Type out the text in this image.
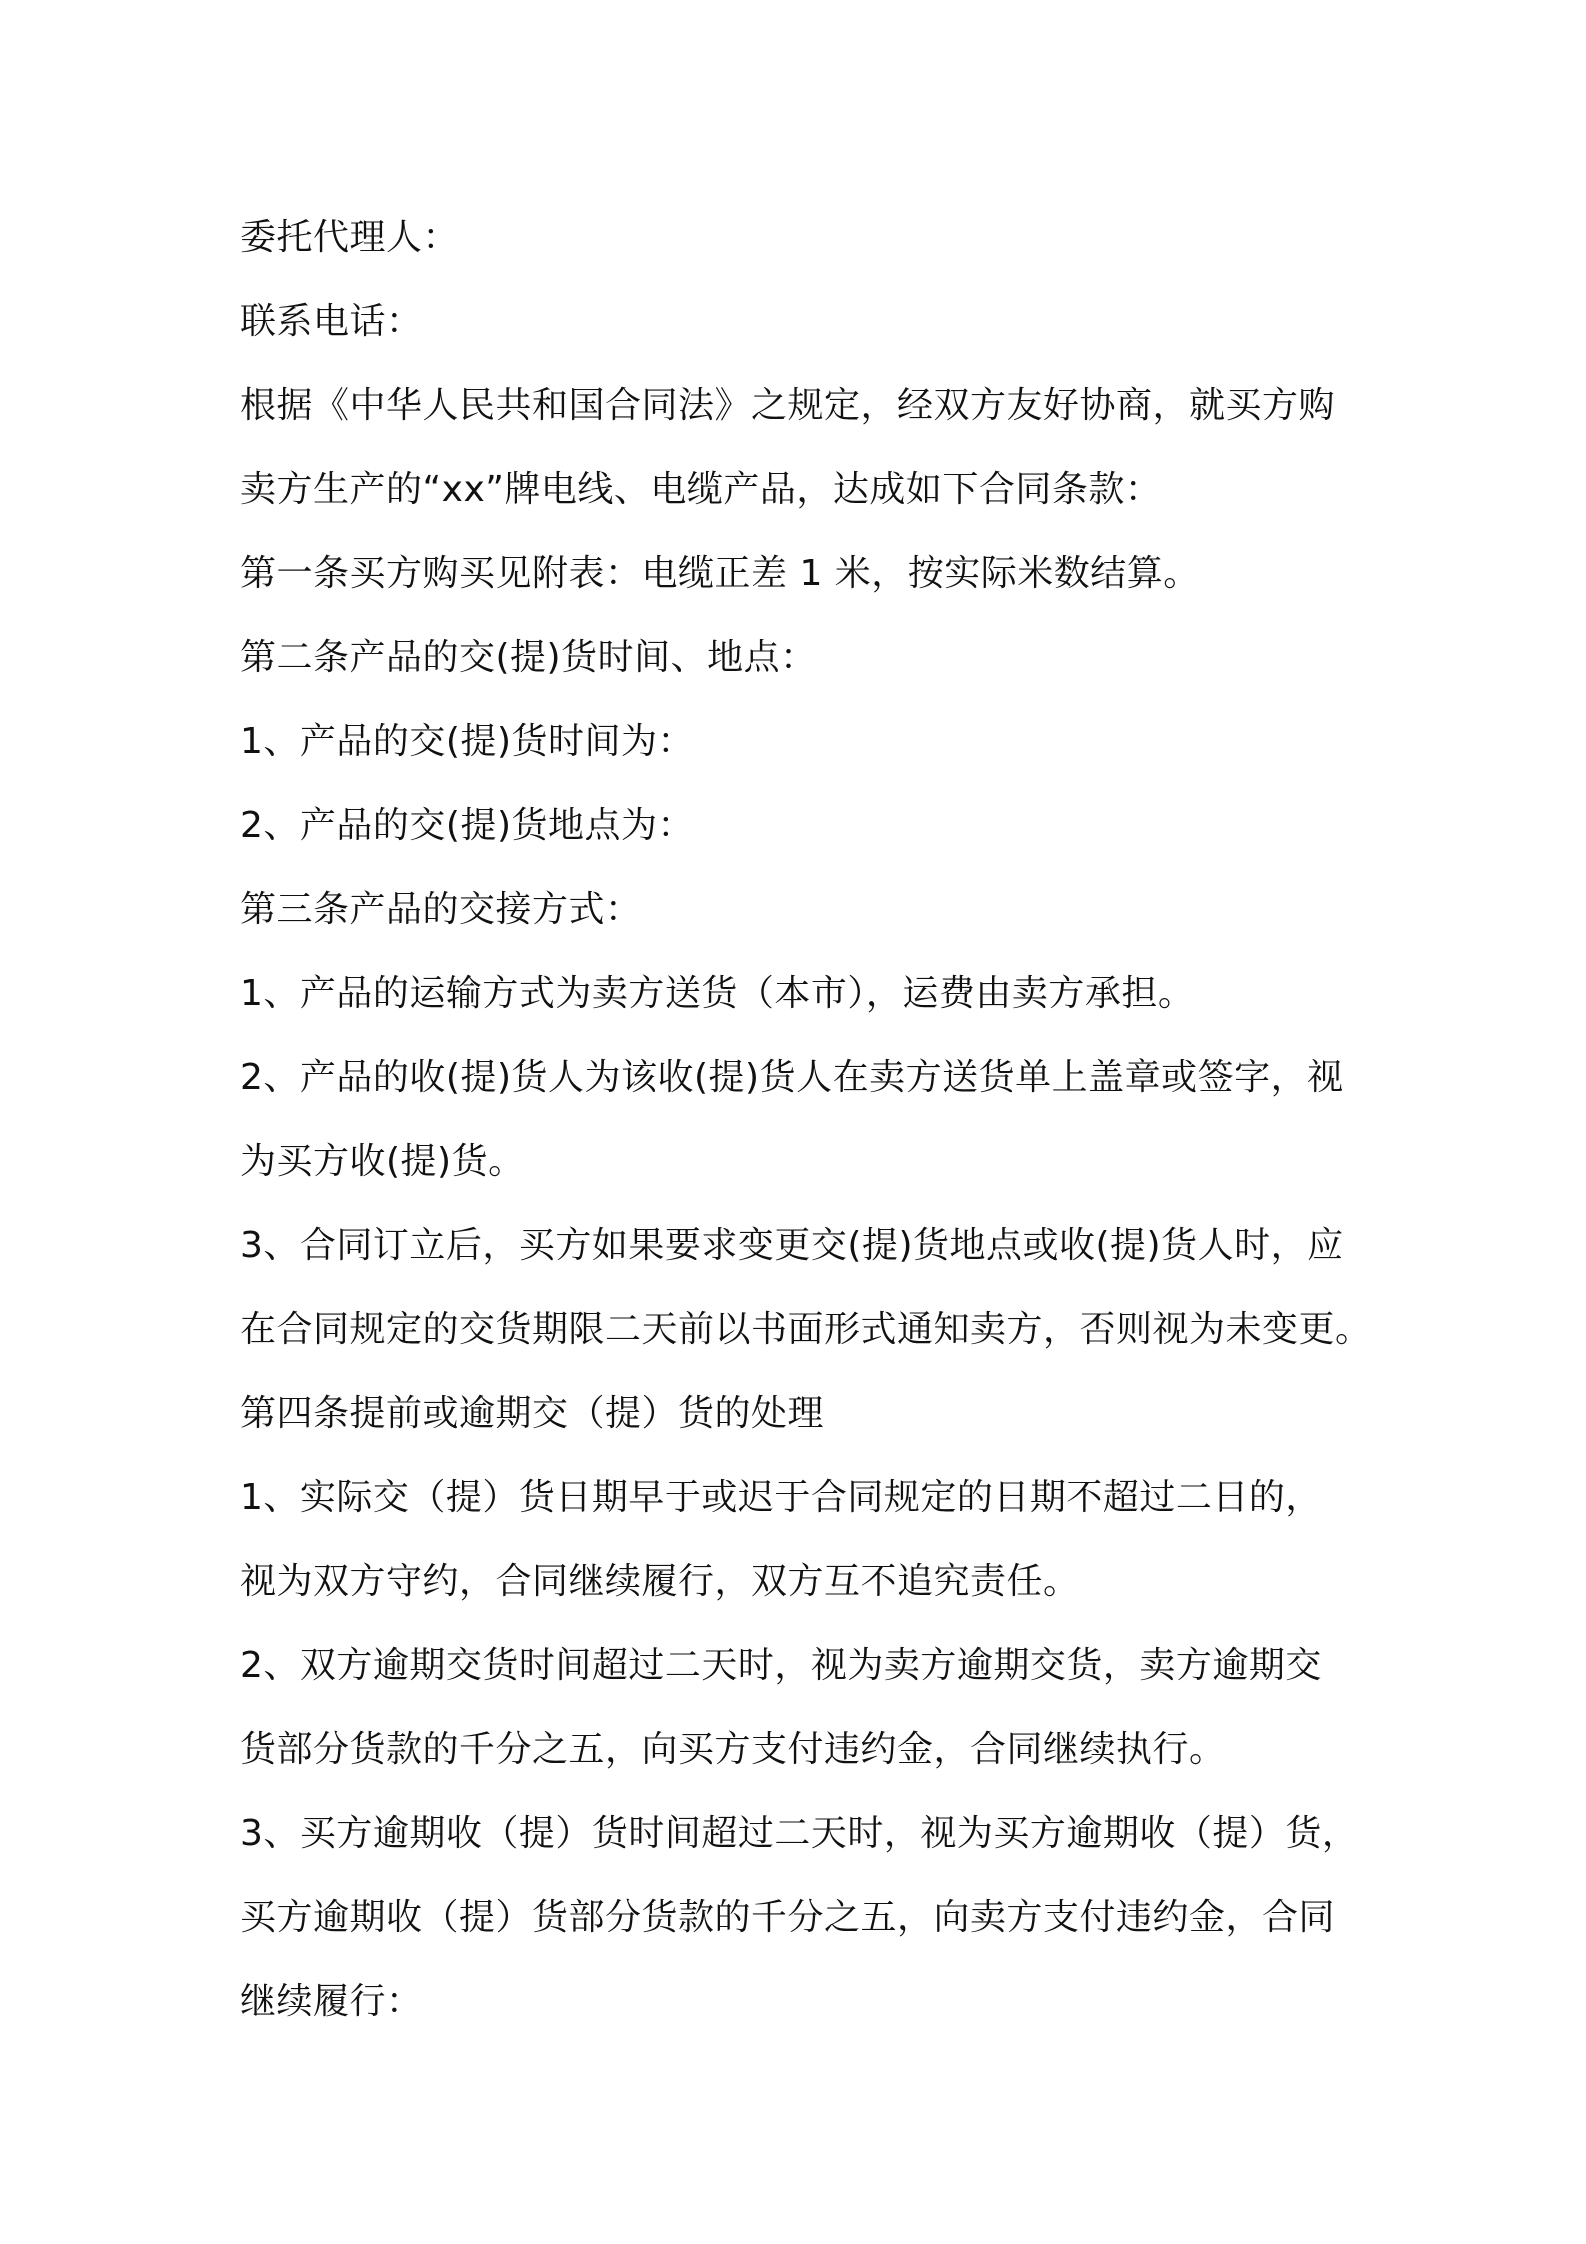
委托代理人：
联系电话：
根据《中华人民共和国合同法》之规定，经双方友好协商，就买方购
卖方生产的“xx”牌电线、电缆产品，达成如下合同条款：
第一条买方购买见附表：电缆正差 1 米，按实际米数结算。
第二条产品的交(提)货时间、地点：
1、产品的交(提)货时间为：
2、产品的交(提)货地点为：
第三条产品的交接方式：
1、产品的运输方式为卖方送货（本市），运费由卖方承担。
2、产品的收(提)货人为该收(提)货人在卖方送货单上盖章或签字，视
为买方收(提)货。
3、合同订立后，买方如果要求变更交(提)货地点或收(提)货人时，应
在合同规定的交货期限二天前以书面形式通知卖方，否则视为未变更。
第四条提前或逾期交（提）货的处理
1、实际交（提）货日期早于或迟于合同规定的日期不超过二日的，
视为双方守约，合同继续履行，双方互不追究责任。
2、双方逾期交货时间超过二天时，视为卖方逾期交货，卖方逾期交
货部分货款的千分之五，向买方支付违约金，合同继续执行。
3、买方逾期收（提）货时间超过二天时，视为买方逾期收（提）货，
买方逾期收（提）货部分货款的千分之五，向卖方支付违约金，合同
继续履行：
